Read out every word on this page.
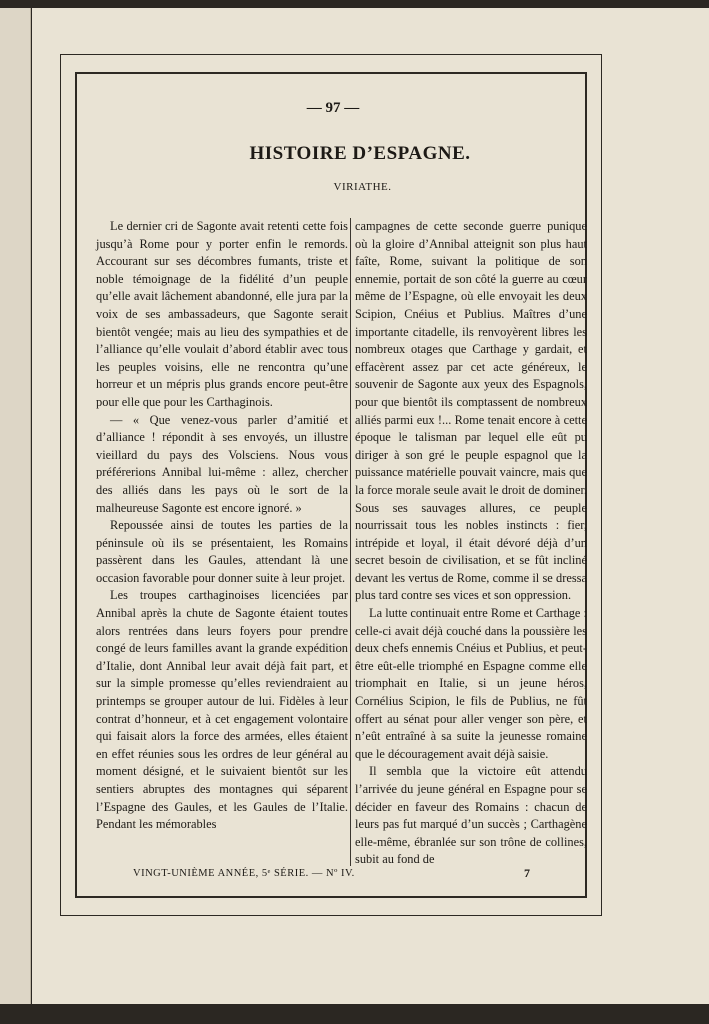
— 97 —
HISTOIRE D’ESPAGNE.
VIRIATHE.

Le dernier cri de Sagonte avait retenti cette fois jusqu’à Rome pour y porter enfin le remords. Accourant sur ses décombres fumants, triste et noble témoignage de la fidélité d’un peuple qu’elle avait lâchement abandonné, elle jura par la voix de ses ambassadeurs, que Sagonte serait bientôt vengée; mais au lieu des sympathies et de l’alliance qu’elle voulait d’abord établir avec tous les peuples voisins, elle ne rencontra qu’une horreur et un mépris plus grands encore peut-être pour elle que pour les Carthaginois.

— « Que venez-vous parler d’amitié et d’alliance ! répondit à ses envoyés, un illustre vieillard du pays des Volsciens. Nous vous préférerions Annibal lui-même : allez, chercher des alliés dans les pays où le sort de la malheureuse Sagonte est encore ignoré. »

Repoussée ainsi de toutes les parties de la péninsule où ils se présentaient, les Romains passèrent dans les Gaules, attendant là une occasion favorable pour donner suite à leur projet.

Les troupes carthaginoises licenciées par Annibal après la chute de Sagonte étaient toutes alors rentrées dans leurs foyers pour prendre congé de leurs familles avant la grande expédition d’Italie, dont Annibal leur avait déjà fait part, et sur la simple promesse qu’elles reviendraient au printemps se grouper autour de lui. Fidèles à leur contrat d’honneur, et à cet engagement volontaire qui faisait alors la force des armées, elles étaient en effet réunies sous les ordres de leur général au moment désigné, et le suivaient bientôt sur les sentiers abruptes des montagnes qui séparent l’Espagne des Gaules, et les Gaules de l’Italie. Pendant les mémorables

campagnes de cette seconde guerre punique où la gloire d’Annibal atteignit son plus haut faîte, Rome, suivant la politique de son ennemie, portait de son côté la guerre au cœur même de l’Espagne, où elle envoyait les deux Scipion, Cnéius et Publius. Maîtres d’une importante citadelle, ils renvoyèrent libres les nombreux otages que Carthage y gardait, et effacèrent assez par cet acte généreux, le souvenir de Sagonte aux yeux des Espagnols, pour que bientôt ils comptassent de nombreux alliés parmi eux !... Rome tenait encore à cette époque le talisman par lequel elle eût pu diriger à son gré le peuple espagnol que la puissance matérielle pouvait vaincre, mais que la force morale seule avait le droit de dominer. Sous ses sauvages allures, ce peuple nourrissait tous les nobles instincts : fier, intrépide et loyal, il était dévoré déjà d’un secret besoin de civilisation, et se fût incliné devant les vertus de Rome, comme il se dressa plus tard contre ses vices et son oppression.

La lutte continuait entre Rome et Carthage : celle-ci avait déjà couché dans la poussière les deux chefs ennemis Cnéius et Publius, et peut-être eût-elle triomphé en Espagne comme elle triomphait en Italie, si un jeune héros, Cornélius Scipion, le fils de Publius, ne fût offert au sénat pour aller venger son père, et n’eût entraîné à sa suite la jeunesse romaine que le découragement avait déjà saisie.

Il sembla que la victoire eût attendu l’arrivée du jeune général en Espagne pour se décider en faveur des Romains : chacun de leurs pas fut marqué d’un succès ; Carthagène elle-même, ébranlée sur son trône de collines, subit au fond de

VINGT-UNIÈME ANNÉE, 5ᵉ SÉRIE. — Nº IV.	7
